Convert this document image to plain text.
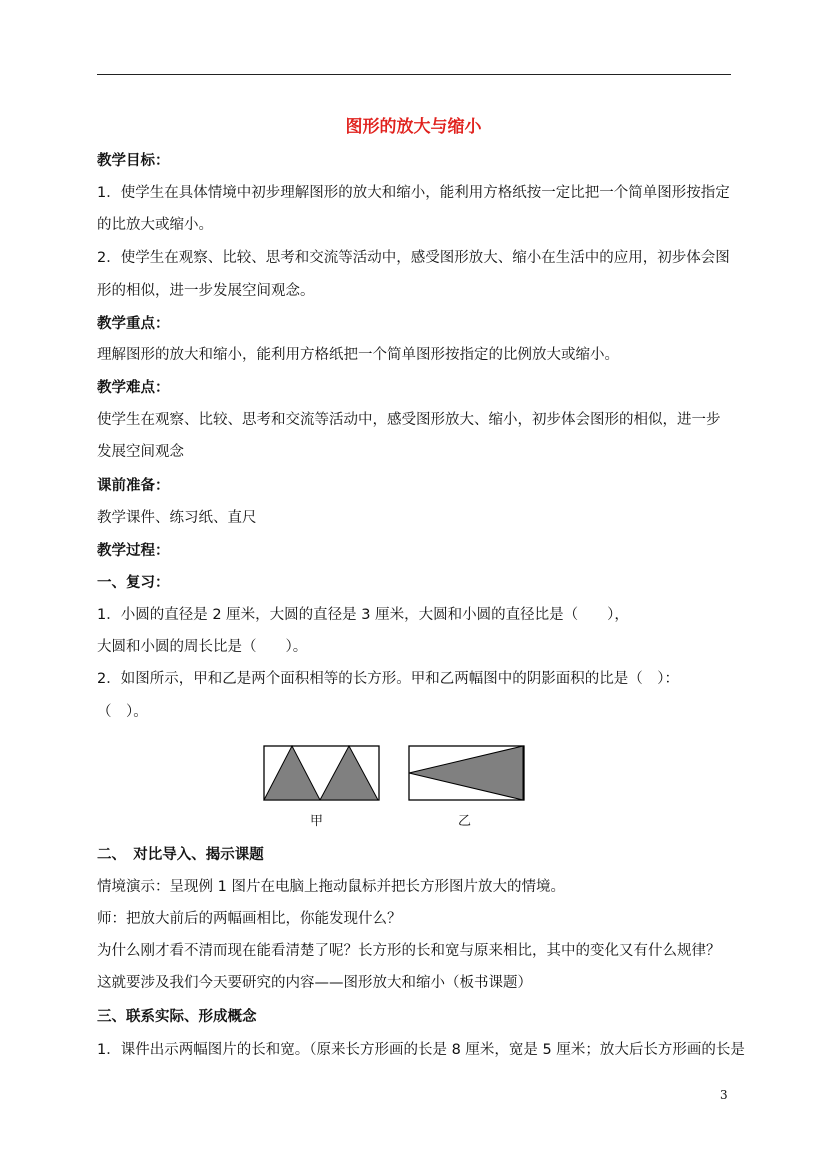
图形的放大与缩小
教学目标：
1．使学生在具体情境中初步理解图形的放大和缩小，能利用方格纸按一定比把一个简单图形按指定
的比放大或缩小。
2．使学生在观察、比较、思考和交流等活动中，感受图形放大、缩小在生活中的应用，初步体会图
形的相似，进一步发展空间观念。
教学重点：
理解图形的放大和缩小，能利用方格纸把一个简单图形按指定的比例放大或缩小。
教学难点：
使学生在观察、比较、思考和交流等活动中，感受图形放大、缩小，初步体会图形的相似，进一步
发展空间观念
课前准备：
教学课件、练习纸、直尺
教学过程：
一、复习：
1．小圆的直径是 2 厘米，大圆的直径是 3 厘米，大圆和小圆的直径比是（　　），
大圆和小圆的周长比是（　　）。
2．如图所示，甲和乙是两个面积相等的长方形。甲和乙两幅图中的阴影面积的比是（　）：
（　）。
甲	乙
二、　对比导入、揭示课题
情境演示：呈现例 1 图片在电脑上拖动鼠标并把长方形图片放大的情境。
师：把放大前后的两幅画相比，你能发现什么？
为什么刚才看不清而现在能看清楚了呢？长方形的长和宽与原来相比，其中的变化又有什么规律？
这就要涉及我们今天要研究的内容——图形放大和缩小（板书课题）
三、联系实际、形成概念
1．课件出示两幅图片的长和宽。（原来长方形画的长是 8 厘米，宽是 5 厘米；放大后长方形画的长是
3
